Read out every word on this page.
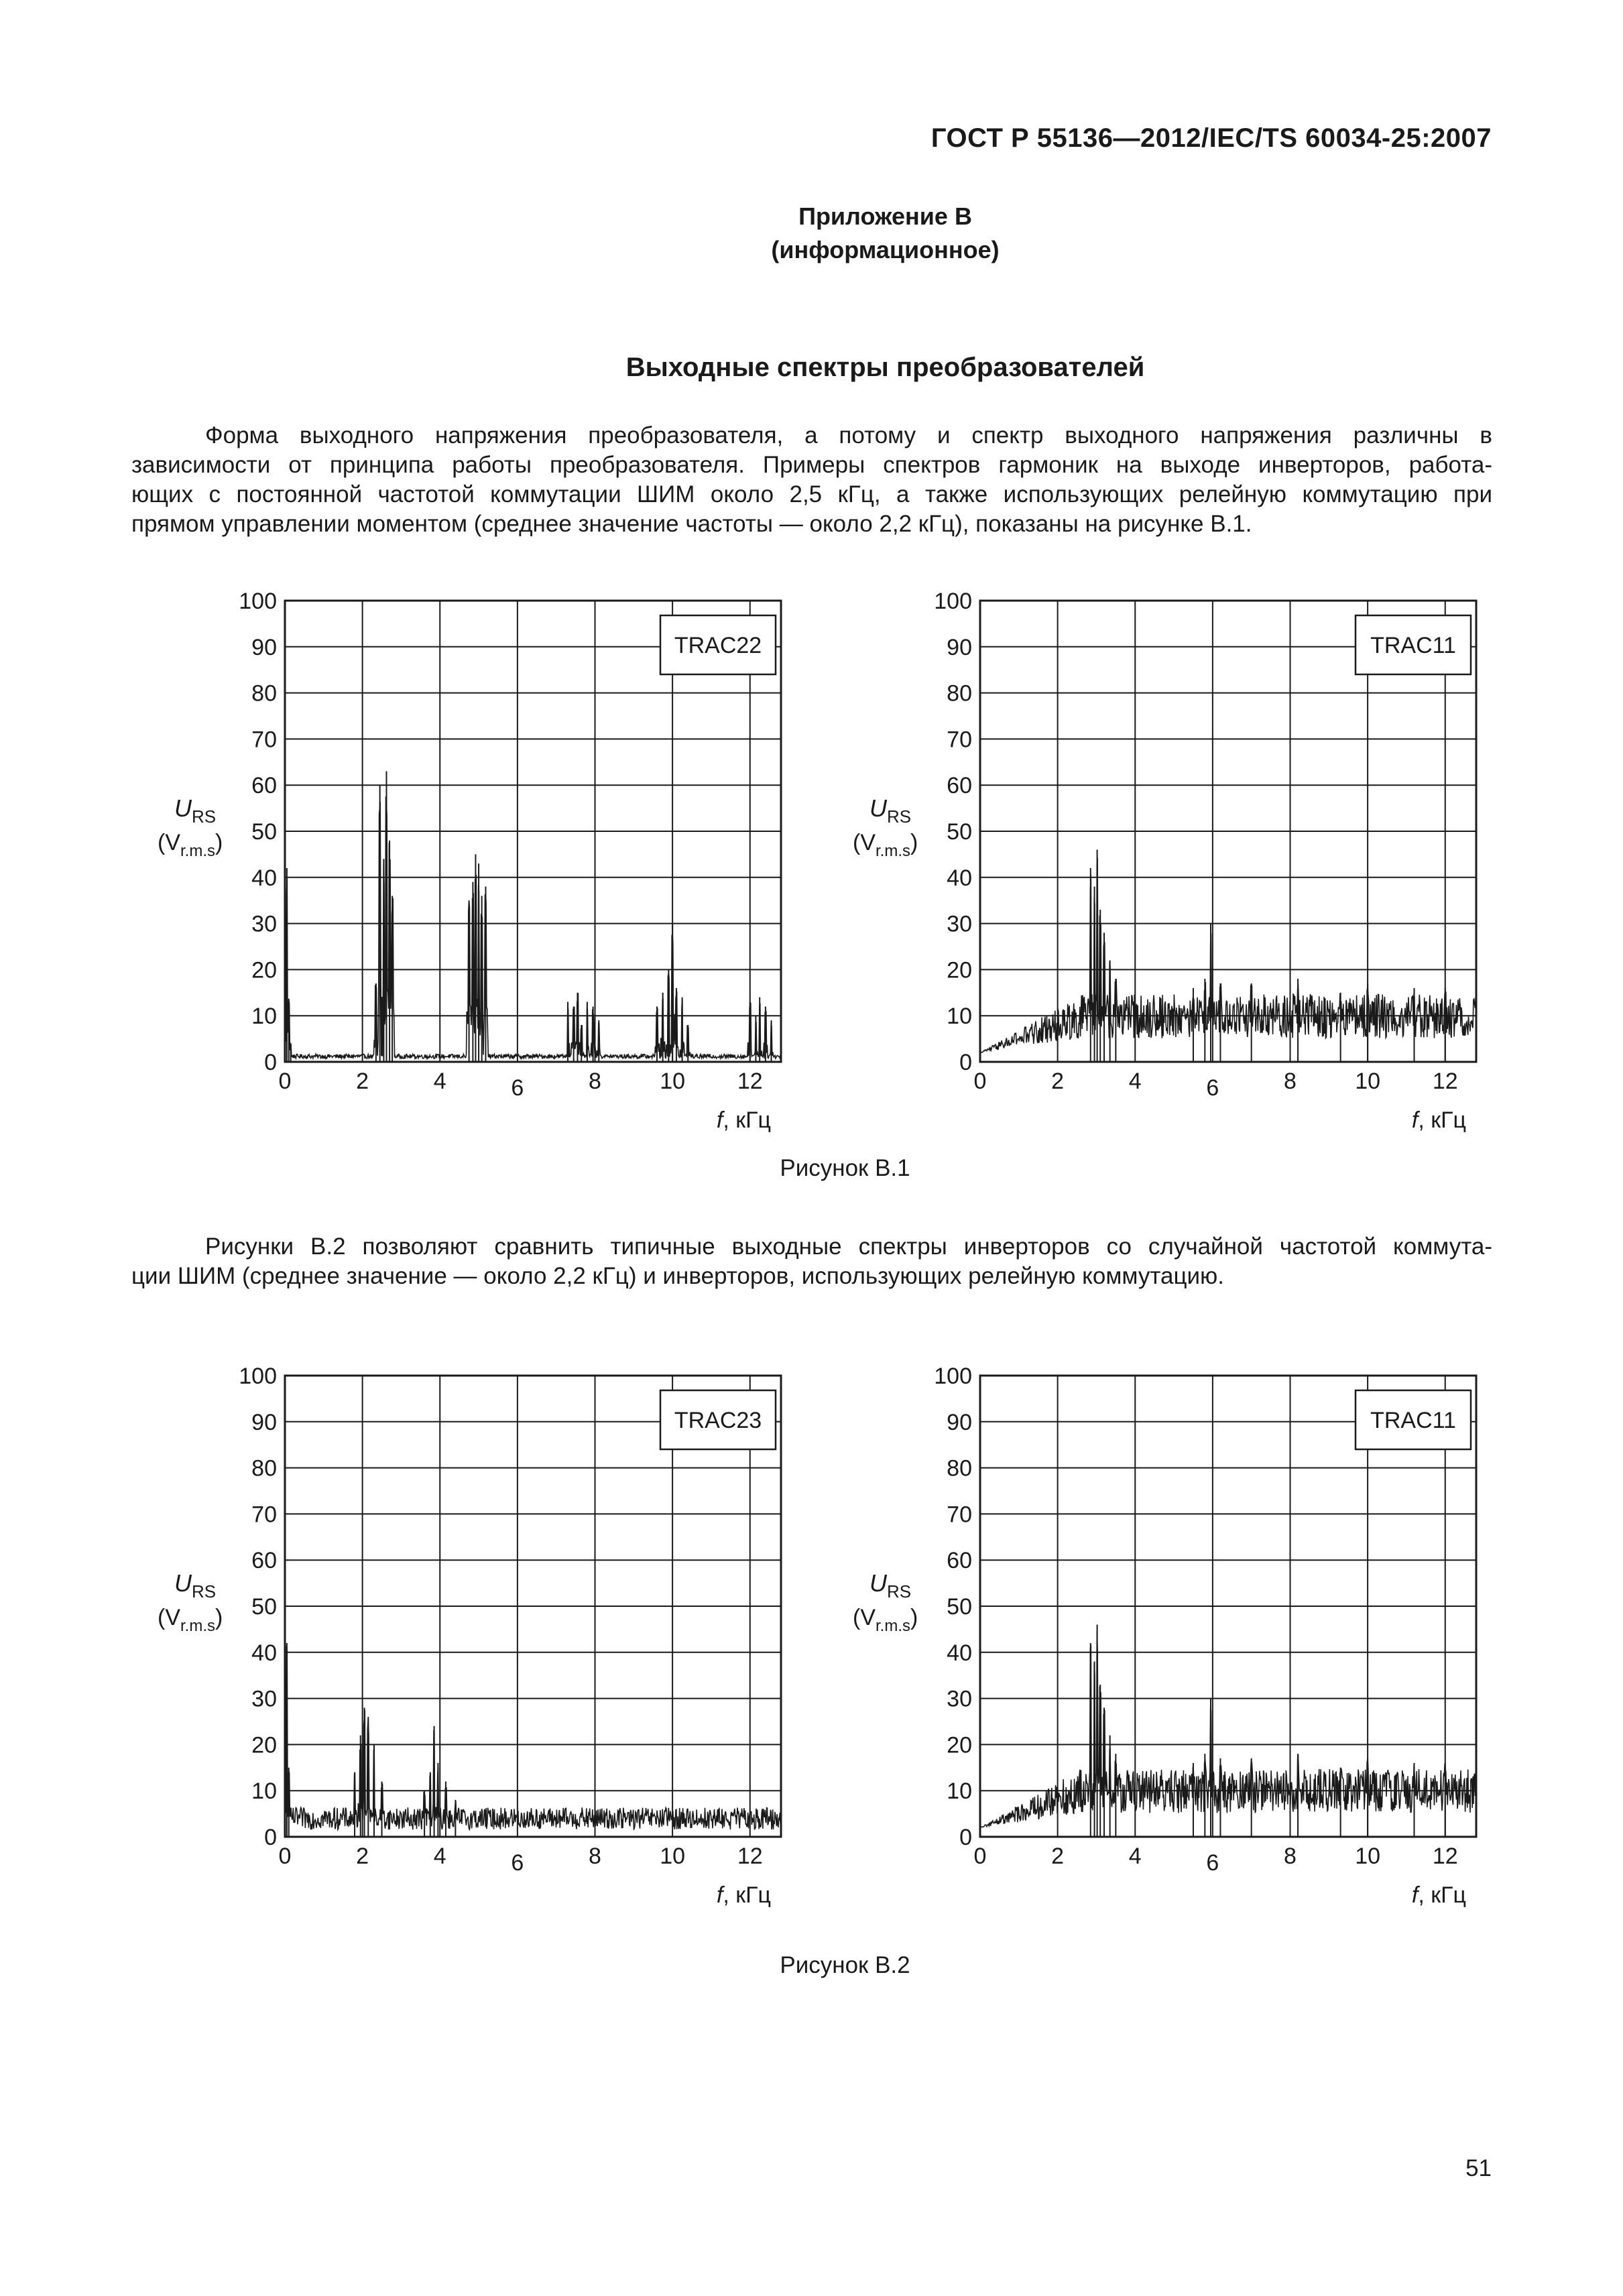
ГОСТ Р 55136—2012/IEC/TS 60034-25:2007
Приложение В
(информационное)
Выходные спектры преобразователей
Форма выходного напряжения преобразователя, а потому и спектр выходного напряжения различны в
зависимости от принципа работы преобразователя. Примеры спектров гармоник на выходе инверторов, работа-
ющих с постоянной частотой коммутации ШИМ около 2,5 кГц, а также использующих релейную коммутацию при
прямом управлении моментом (среднее значение частоты — около 2,2 кГц), показаны на рисунке В.1.
0
10
20
30
40
50
60
70
80
90
100
0	2	4	6	8	10 12
$U_{RS}$
$(V_{r.m.s})$
f, кГц
TRAC22
0
10
20
30
40
50
60
70
80
90
100
0	2	4	6	8	10 12
$U_{RS}$
$(V_{r.m.s})$
f, кГц
TRAC11
Рисунок В.1
Рисунки В.2 позволяют сравнить типичные выходные спектры инверторов со случайной частотой коммута-
ции ШИМ (среднее значение — около 2,2 кГц) и инверторов, использующих релейную коммутацию.
0
10
20
30
40
50
60
70
80
90
100
0	2	4	6	8	10 12
$U_{RS}$
$(V_{r.m.s})$
f, кГц
TRAC23
0
10
20
30
40
50
60
70
80
90
100
0	2	4	6	8	10 12
$U_{RS}$
$(V_{r.m.s})$
f, кГц
TRAC11
Рисунок В.2
51
